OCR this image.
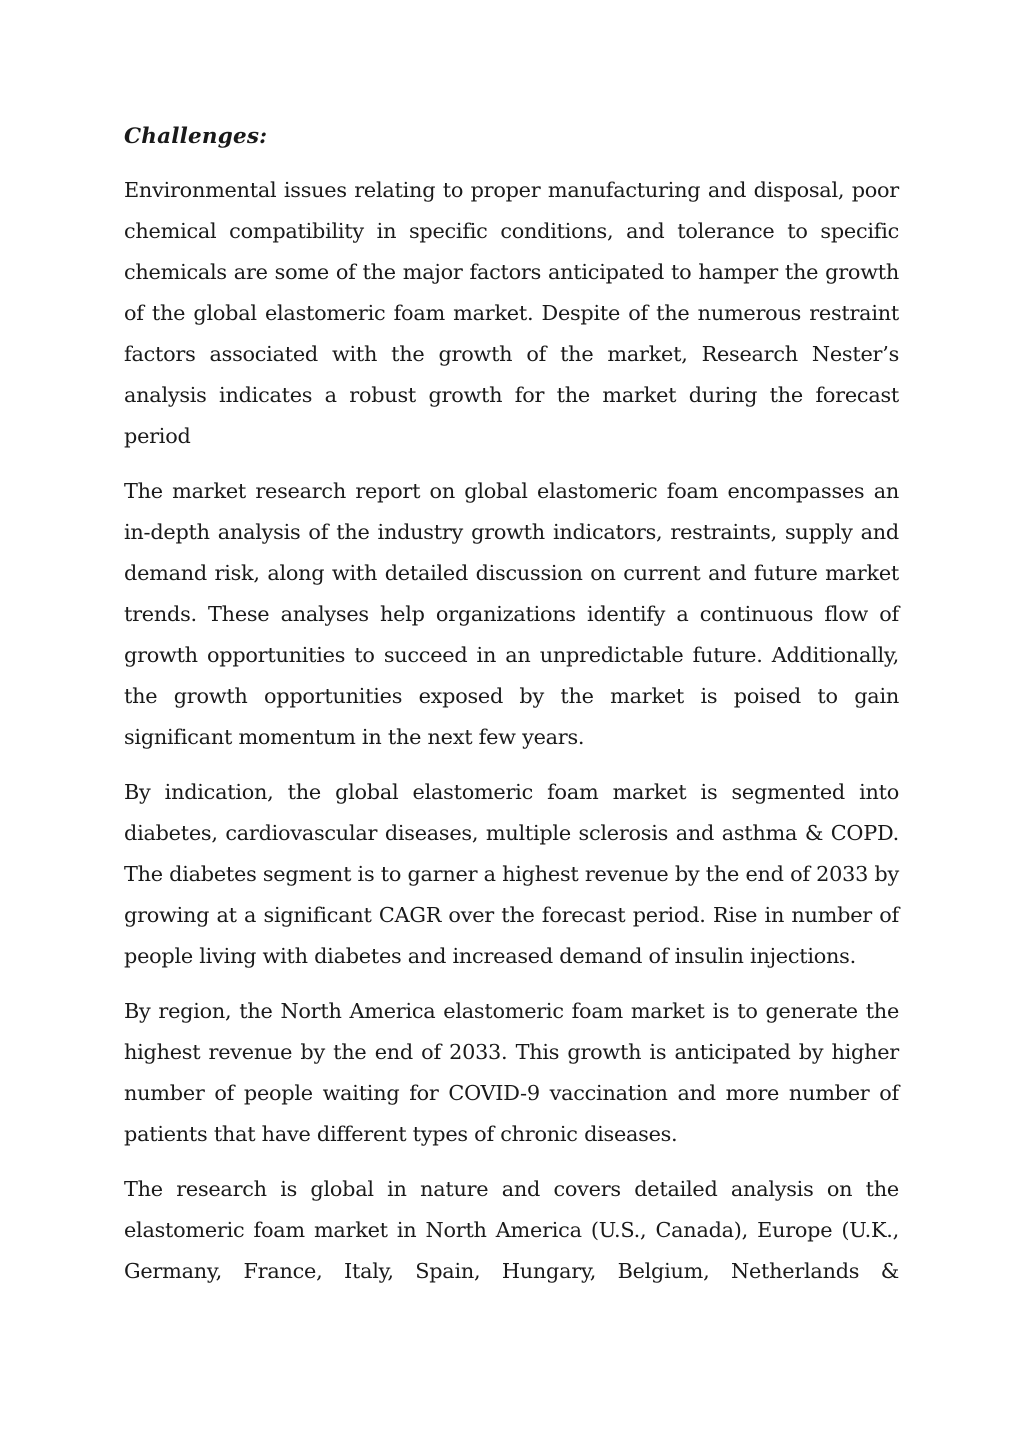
Challenges:

Environmental issues relating to proper manufacturing and disposal, poor chemical compatibility in specific conditions, and tolerance to specific chemicals are some of the major factors anticipated to hamper the growth of the global elastomeric foam market. Despite of the numerous restraint factors associated with the growth of the market, Research Nester’s analysis indicates a robust growth for the market during the forecast period

The market research report on global elastomeric foam encompasses an in-depth analysis of the industry growth indicators, restraints, supply and demand risk, along with detailed discussion on current and future market trends. These analyses help organizations identify a continuous flow of growth opportunities to succeed in an unpredictable future. Additionally, the growth opportunities exposed by the market is poised to gain significant momentum in the next few years.

By indication, the global elastomeric foam market is segmented into diabetes, cardiovascular diseases, multiple sclerosis and asthma & COPD. The diabetes segment is to garner a highest revenue by the end of 2033 by growing at a significant CAGR over the forecast period. Rise in number of people living with diabetes and increased demand of insulin injections.

By region, the North America elastomeric foam market is to generate the highest revenue by the end of 2033. This growth is anticipated by higher number of people waiting for COVID-9 vaccination and more number of patients that have different types of chronic diseases.

The research is global in nature and covers detailed analysis on the elastomeric foam market in North America (U.S., Canada), Europe (U.K., Germany, France, Italy, Spain, Hungary, Belgium, Netherlands &
